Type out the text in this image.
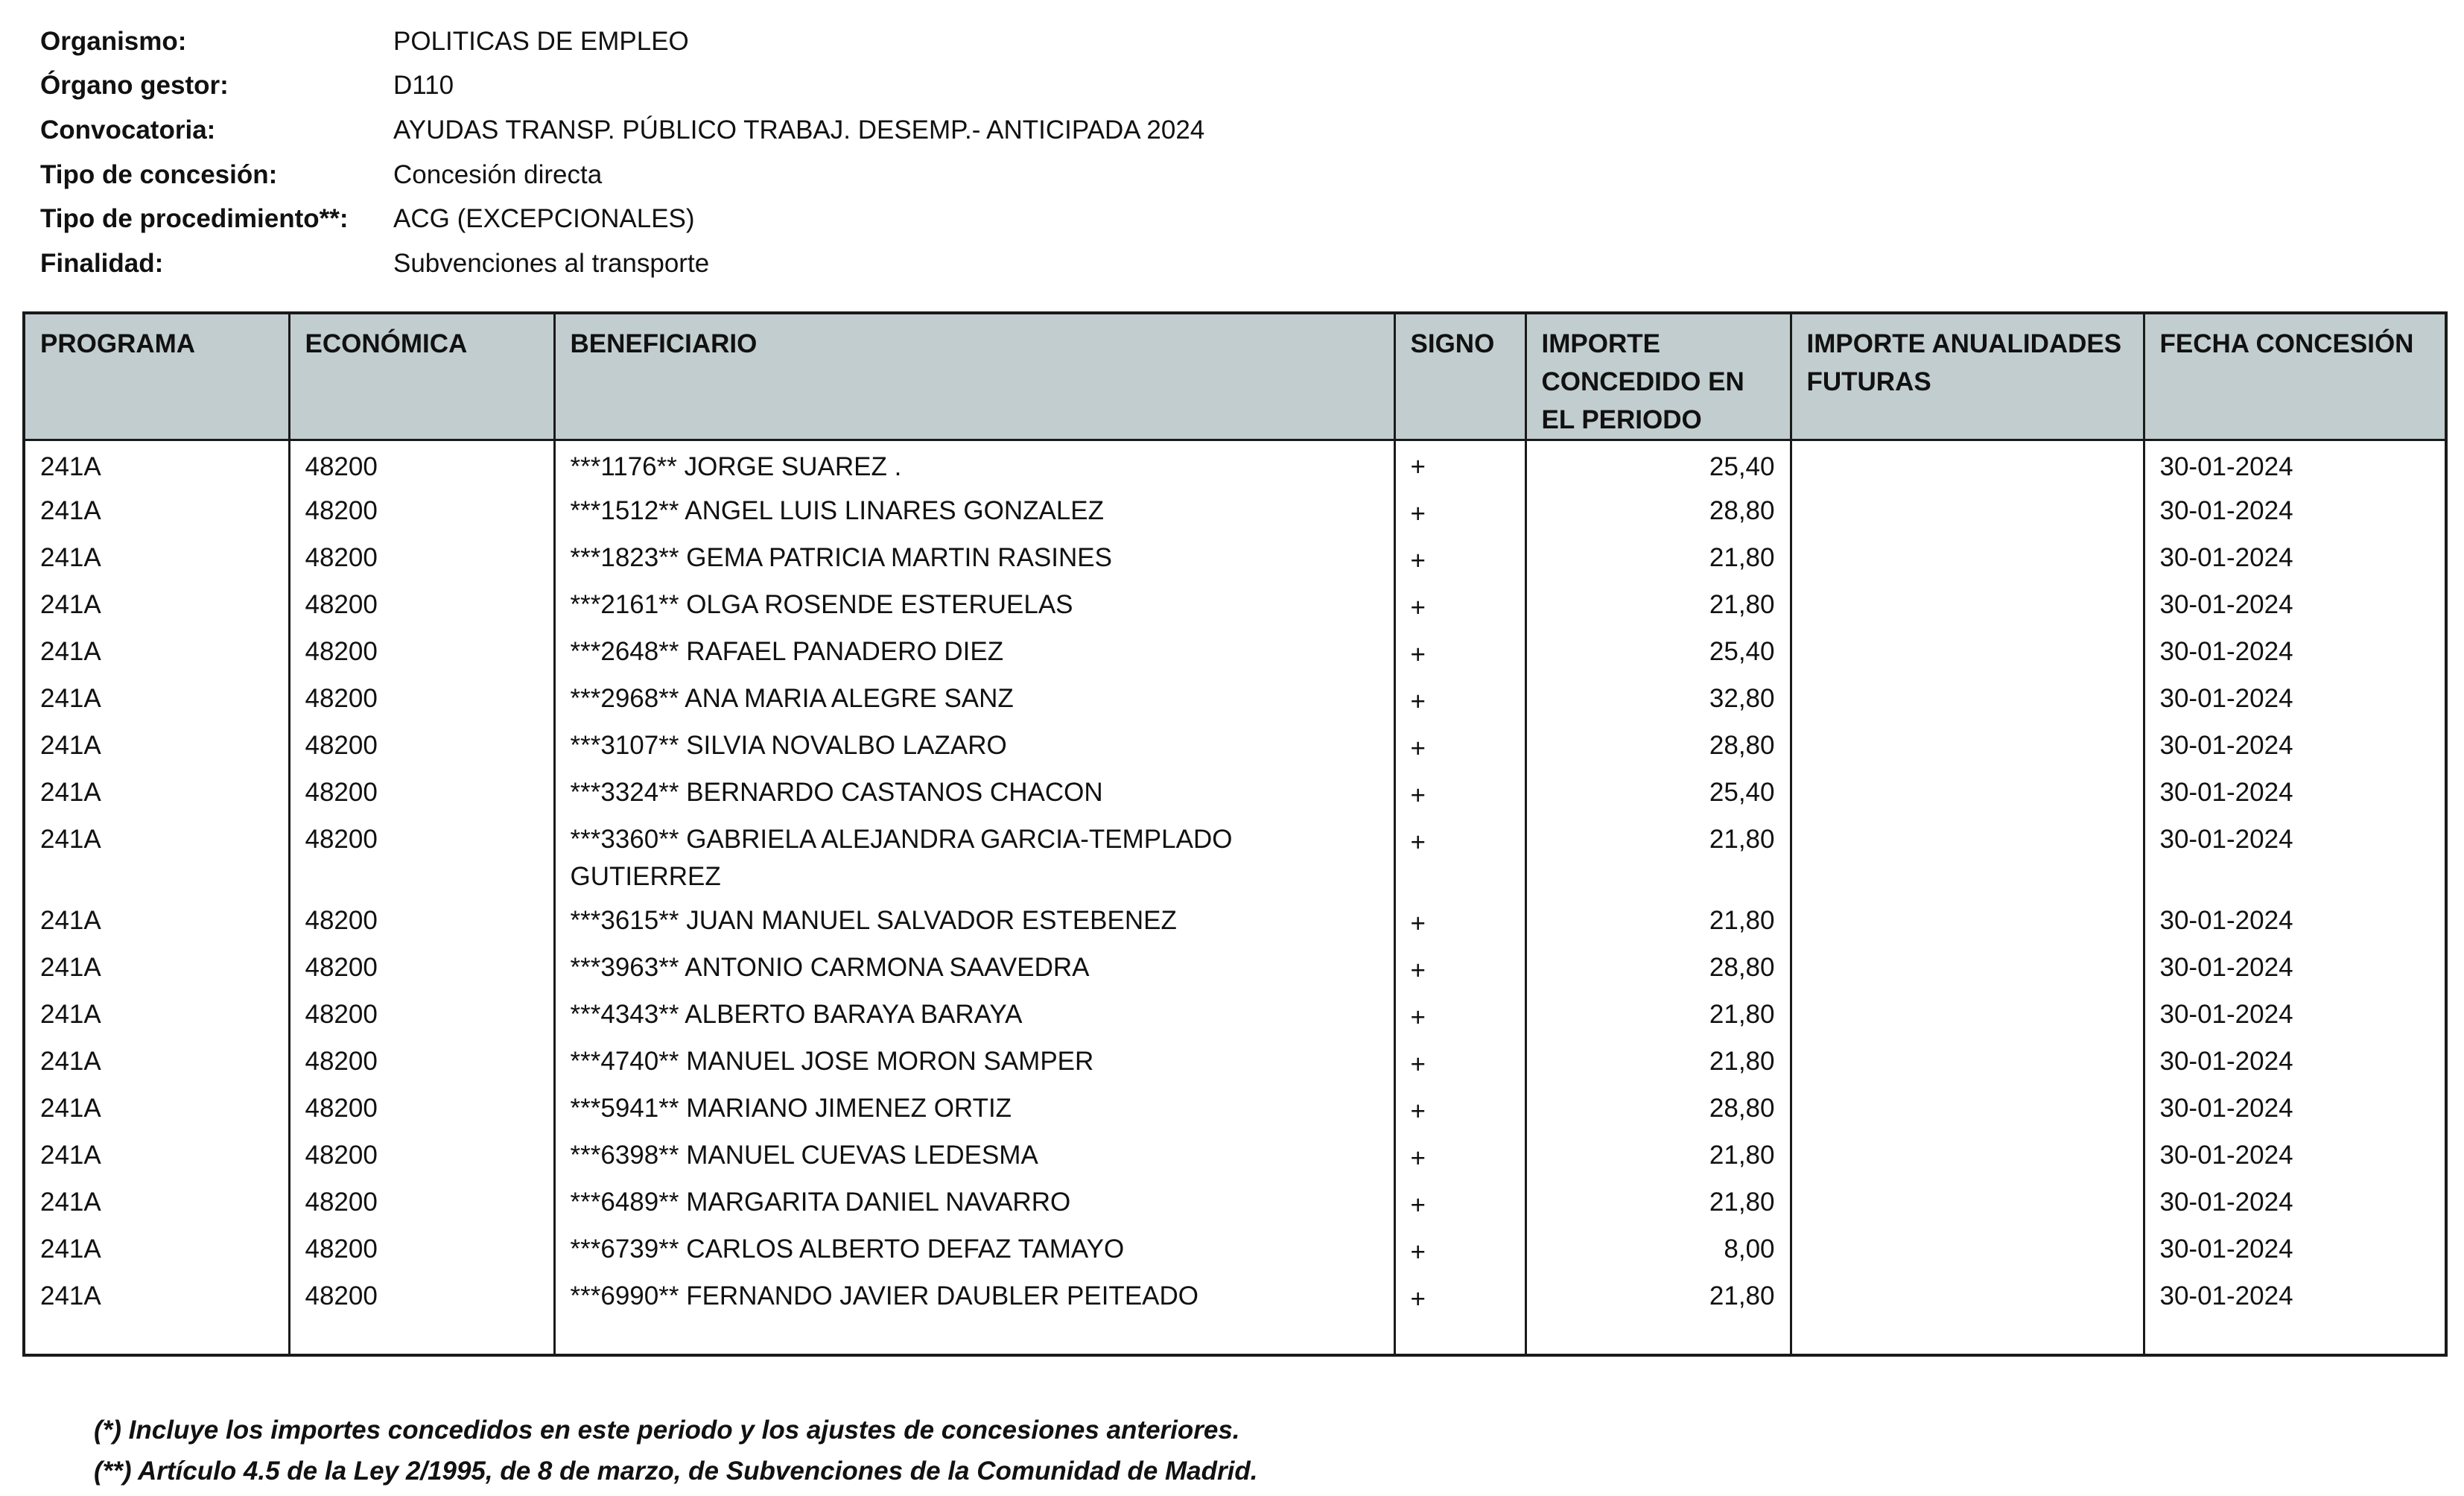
Organismo:	POLITICAS DE EMPLEO
Órgano gestor:	D110
Convocatoria:	AYUDAS TRANSP. PÚBLICO TRABAJ. DESEMP.- ANTICIPADA 2024
Tipo de concesión:	Concesión directa
Tipo de procedimiento**:	ACG (EXCEPCIONALES)
Finalidad:	Subvenciones al transporte
PROGRAMA	ECONÓMICA	BENEFICIARIO	SIGNO	IMPORTE CONCEDIDO EN EL PERIODO	IMPORTE ANUALIDADES FUTURAS	FECHA CONCESIÓN
241A	48200	***1176** JORGE SUAREZ .	+	25,40		30-01-2024
241A	48200	***1512** ANGEL LUIS LINARES GONZALEZ	+	28,80		30-01-2024
241A	48200	***1823** GEMA PATRICIA MARTIN RASINES	+	21,80		30-01-2024
241A	48200	***2161** OLGA ROSENDE ESTERUELAS	+	21,80		30-01-2024
241A	48200	***2648** RAFAEL PANADERO DIEZ	+	25,40		30-01-2024
241A	48200	***2968** ANA MARIA ALEGRE SANZ	+	32,80		30-01-2024
241A	48200	***3107** SILVIA NOVALBO LAZARO	+	28,80		30-01-2024
241A	48200	***3324** BERNARDO CASTANOS CHACON	+	25,40		30-01-2024
241A	48200	***3360** GABRIELA ALEJANDRA GARCIA-TEMPLADO GUTIERREZ	+	21,80		30-01-2024
241A	48200	***3615** JUAN MANUEL SALVADOR ESTEBENEZ	+	21,80		30-01-2024
241A	48200	***3963** ANTONIO CARMONA SAAVEDRA	+	28,80		30-01-2024
241A	48200	***4343** ALBERTO BARAYA BARAYA	+	21,80		30-01-2024
241A	48200	***4740** MANUEL JOSE MORON SAMPER	+	21,80		30-01-2024
241A	48200	***5941** MARIANO JIMENEZ ORTIZ	+	28,80		30-01-2024
241A	48200	***6398** MANUEL CUEVAS LEDESMA	+	21,80		30-01-2024
241A	48200	***6489** MARGARITA DANIEL NAVARRO	+	21,80		30-01-2024
241A	48200	***6739** CARLOS ALBERTO DEFAZ TAMAYO	+	8,00		30-01-2024
241A	48200	***6990** FERNANDO JAVIER DAUBLER PEITEADO	+	21,80		30-01-2024
(*) Incluye los importes concedidos en este periodo y los ajustes de concesiones anteriores.
(**) Artículo 4.5 de la Ley 2/1995, de 8 de marzo, de Subvenciones de la Comunidad de Madrid.
